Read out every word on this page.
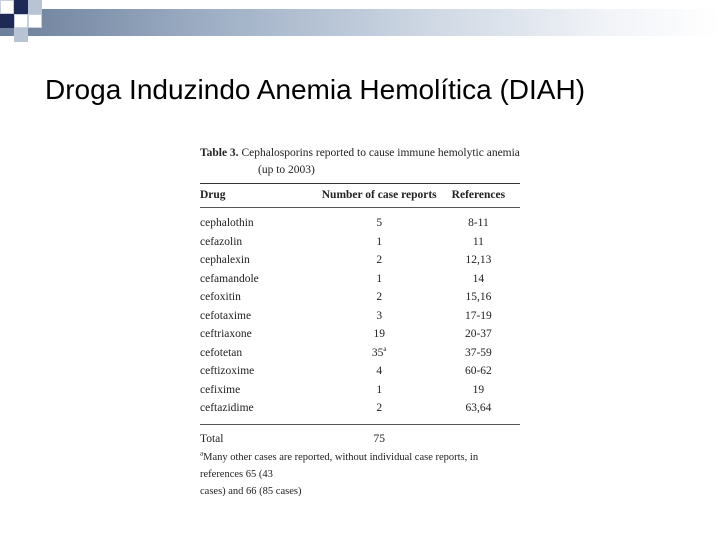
Droga Induzindo Anemia Hemolítica (DIAH)
Table 3. Cephalosporins reported to cause immune hemolytic anemia
(up to 2003)
Drug	Number of case reports	References

cephalothin	5	8-11
cefazolin	1	11
cephalexin	2	12,13
cefamandole	1	14
cefoxitin	2	15,16
cefotaxime	3	17-19
ceftriaxone	19	20-37
cefotetan	35$^a$	37-59
ceftizoxime	4	60-62
cefixime	1	19
ceftazidime	2	63,64

Total	75	
$^a$Many other cases are reported, without individual case reports, in references 65 (43
cases) and 66 (85 cases)
